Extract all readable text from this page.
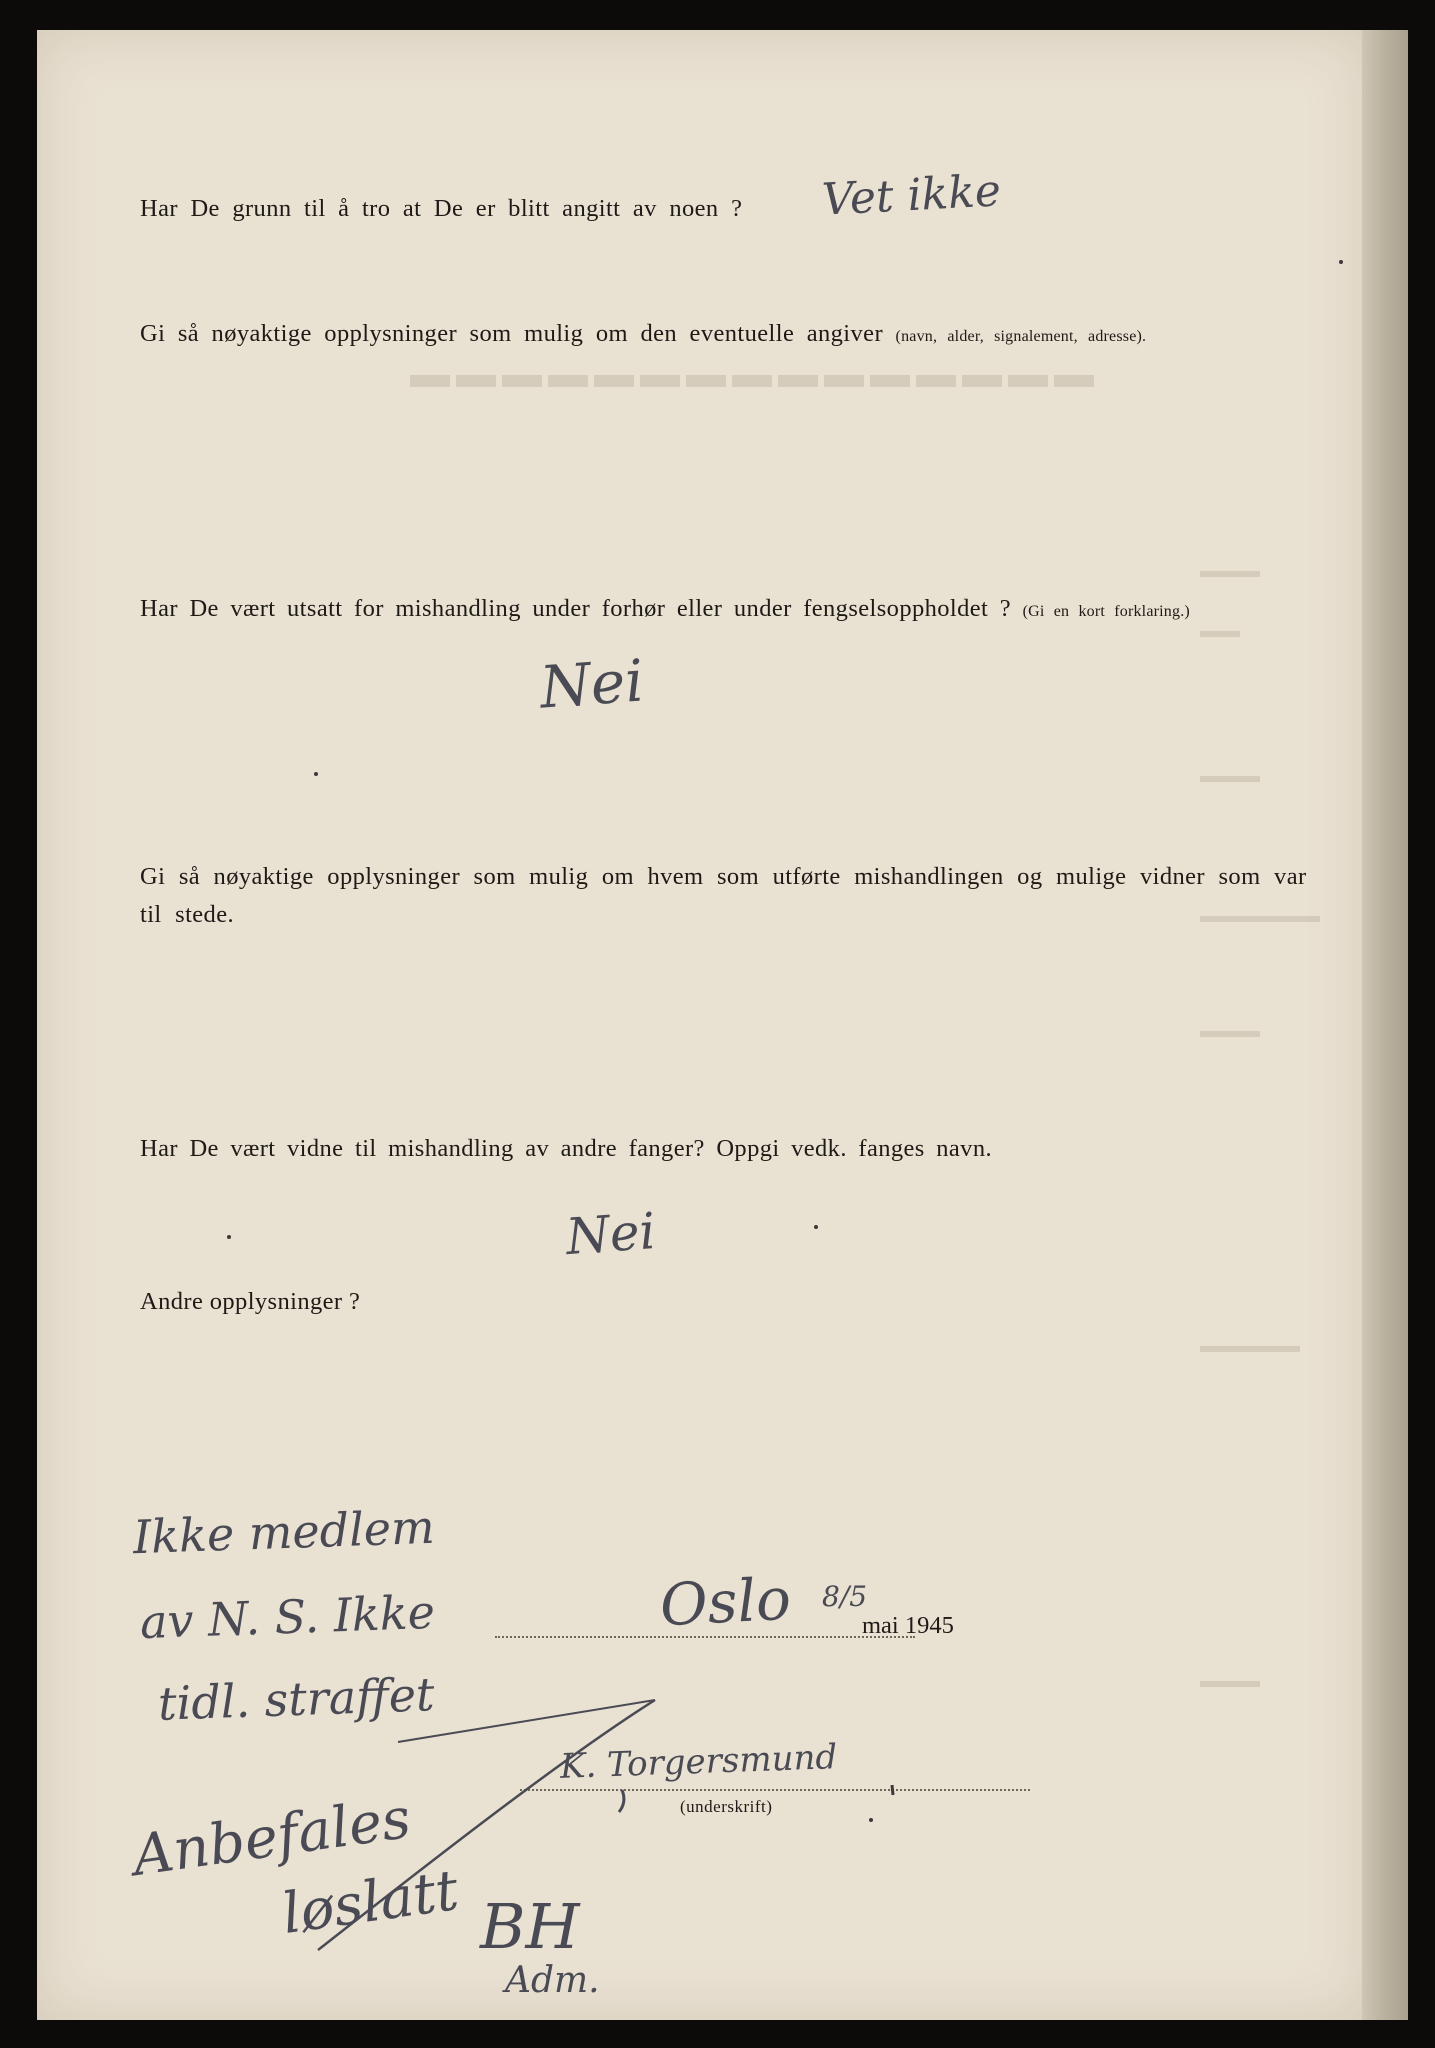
▬▬▬▬▬▬▬▬▬▬▬▬▬▬▬
▬▬▬
▬▬
▬▬▬
▬▬▬▬▬▬
▬▬▬
▬▬▬▬▬
▬▬▬

Har De grunn til å tro at De er blitt angitt av noen ?

Gi så nøyaktige opplysninger som mulig om den eventuelle angiver (navn, alder, signalement, adresse).

Har De vært utsatt for mishandling under forhør eller under fengselsoppholdet ? (Gi en kort forklaring.)

Gi så nøyaktige opplysninger som mulig om hvem som utførte mishandlingen og mulige vidner som var til stede.

Har De vært vidne til mishandling av andre fanger? Oppgi vedk. fanges navn.

Andre opplysninger ?

Vet ikke
Nei
Nei
Oslo 8/5
mai 1945
K. Torgersmund
(underskrift)
Ikke medlem
av N. S. Ikke
tidl. straffet
Anbefales
løslatt BH
Adm.
